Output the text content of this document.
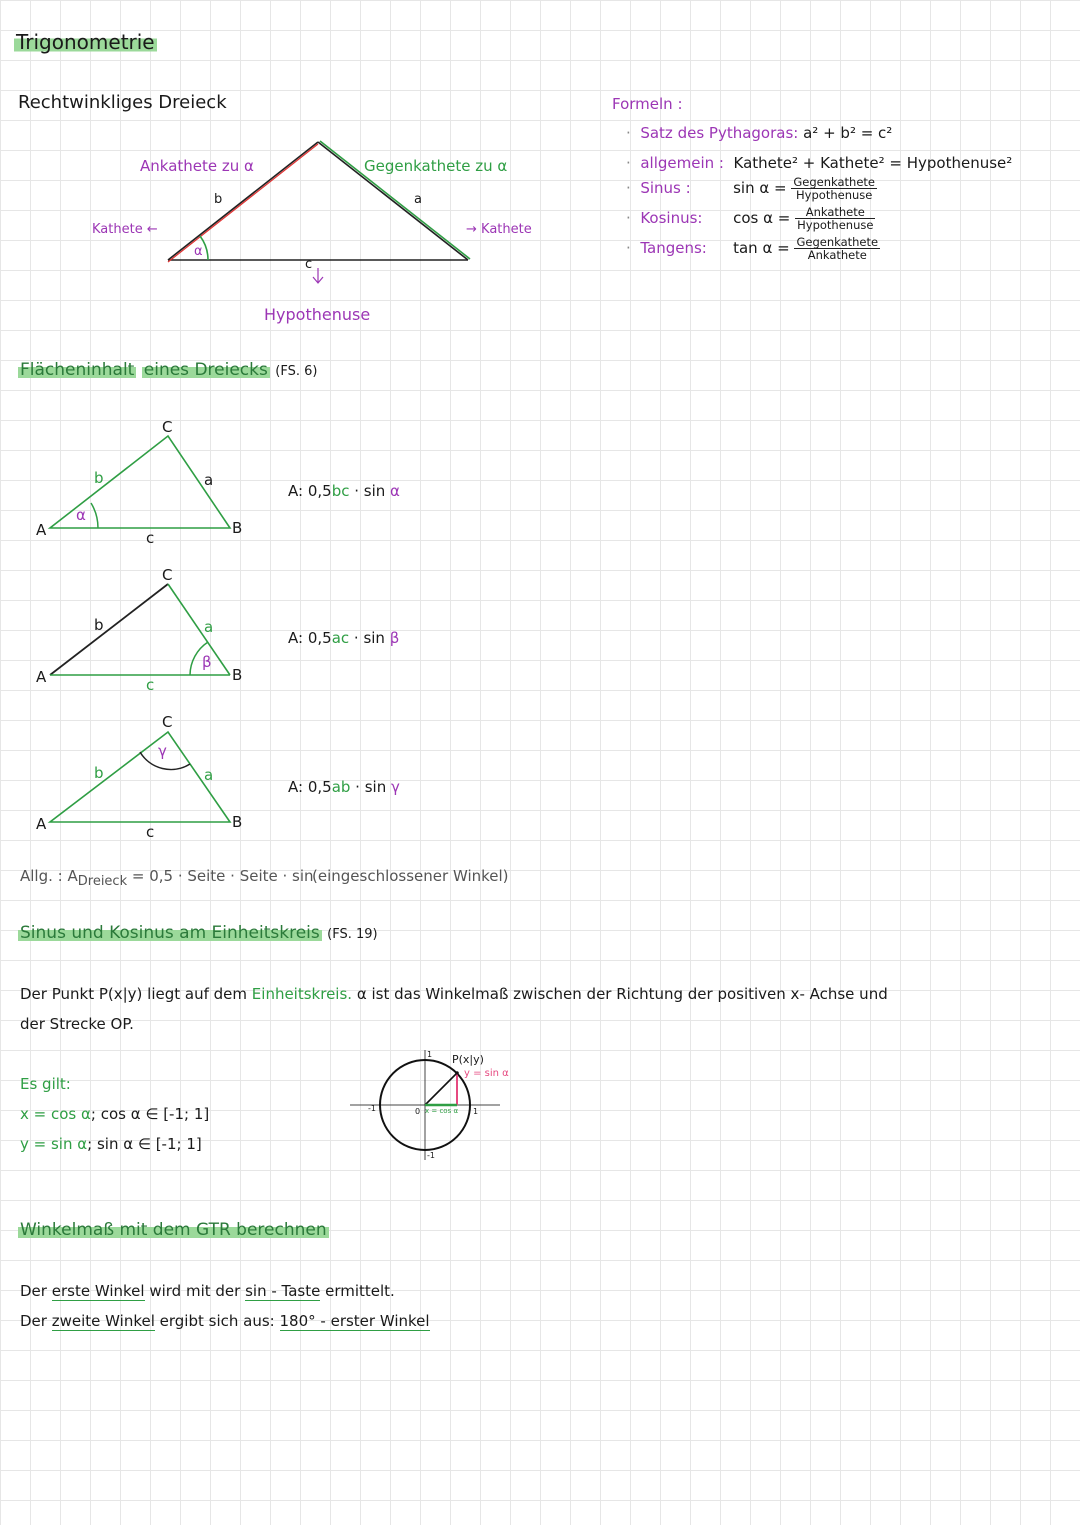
Trigonometrie
Rechtwinkliges Dreieck
Ankathete zu α	Gegenkathete zu α
Kathete ←	→ Kathete
Hypothenuse
b	a
c
α
Formeln :
· Satz des Pythagoras: a² + b² = c²
· allgemein : Kathete² + Kathete² = Hypothenuse²
· Sinus :	$\sin \alpha = \frac{\text{Gegenkathete}}{\text{Hypothenuse}}$
· Kosinus: $\cos \alpha = \frac{\text{Ankathete}}{\text{Hypothenuse}}$
· Tangens: $\tan \alpha = \frac{\text{Gegenkathete}}{\text{Ankathete}}$
Flächeninhalt eines Dreiecks (FS. 6)
A	B
C
a
b
c
α
A: 0,5bc · sin α
A	B
C
a
b
c
β
A: 0,5ac · sin β
A	B
C
a
b
c
γ
A: 0,5ab · sin γ
Allg. : $A_{Dreieck} = 0,5$ · Seite · Seite · sin
(eingeschlossener Winkel)
Sinus und Kosinus am Einheitskreis (FS. 19)
Der Punkt P(x|y) liegt auf dem Einheitskreis. α ist das Winkelmaß zwischen der Richtung der positiven x- Achse und
der Strecke OP.
Es gilt:
x = cos α; cos α ∈ [-1; 1]
y = sin α; sin α ∈ [-1; 1]
P(x|y)
y = sin α
x = cos α
0	1
-1
1
-1
Winkelmaß mit dem GTR berechnen
Der erste Winkel wird mit der sin - Taste ermittelt.
Der zweite Winkel ergibt sich aus: 180° - erster Winkel
